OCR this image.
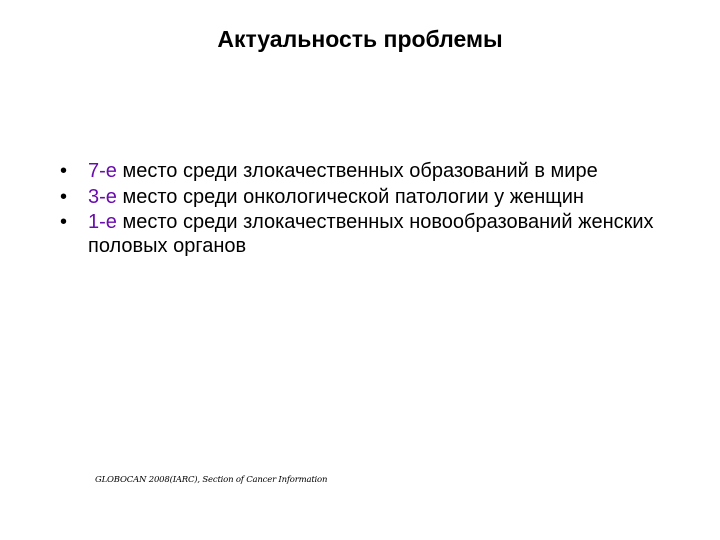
Актуальность проблемы
• 7-е место среди злокачественных образований в мире
• 3-е место среди онкологической патологии у женщин
• 1-е место среди злокачественных новообразований женских половых органов
GLOBOCAN 2008(IARC), Section of Cancer Information
